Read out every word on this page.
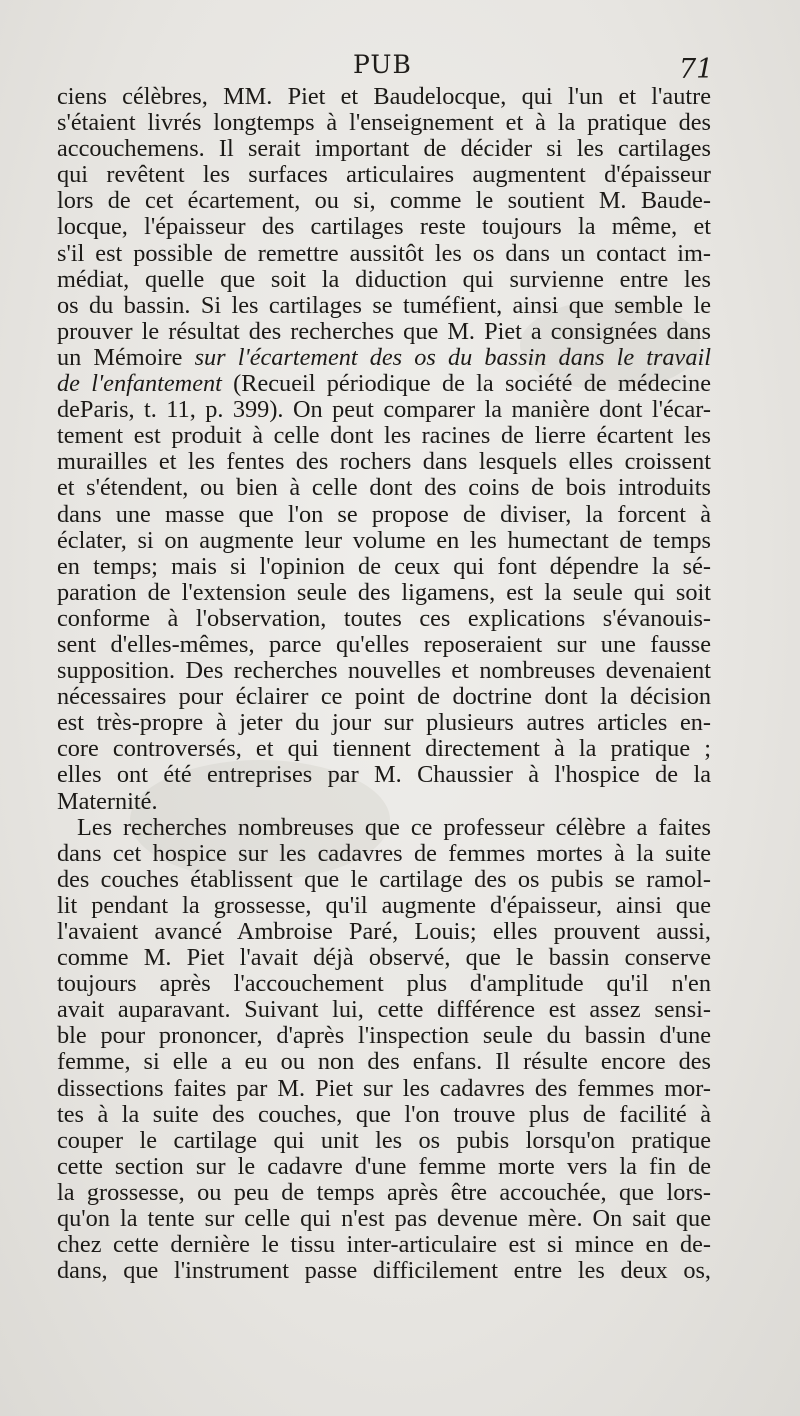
PUB	71

ciens célèbres, MM. Piet et Baudelocque, qui l'un et l'autre
s'étaient livrés longtemps à l'enseignement et à la pratique des
accouchemens. Il serait important de décider si les cartilages
qui revêtent les surfaces articulaires augmentent d'épaisseur
lors de cet écartement, ou si, comme le soutient M. Baude-
locque, l'épaisseur des cartilages reste toujours la même, et
s'il est possible de remettre aussitôt les os dans un contact im-
médiat, quelle que soit la diduction qui survienne entre les
os du bassin. Si les cartilages se tuméfient, ainsi que semble le
prouver le résultat des recherches que M. Piet a consignées dans
un Mémoire sur l'écartement des os du bassin dans le travail
de l'enfantement (Recueil périodique de la société de médecine
deParis, t. 11, p. 399). On peut comparer la manière dont l'écar-
tement est produit à celle dont les racines de lierre écartent les
murailles et les fentes des rochers dans lesquels elles croissent
et s'étendent, ou bien à celle dont des coins de bois introduits
dans une masse que l'on se propose de diviser, la forcent à
éclater, si on augmente leur volume en les humectant de temps
en temps; mais si l'opinion de ceux qui font dépendre la sé-
paration de l'extension seule des ligamens, est la seule qui soit
conforme à l'observation, toutes ces explications s'évanouis-
sent d'elles-mêmes, parce qu'elles reposeraient sur une fausse
supposition. Des recherches nouvelles et nombreuses devenaient
nécessaires pour éclairer ce point de doctrine dont la décision
est très-propre à jeter du jour sur plusieurs autres articles en-
core controversés, et qui tiennent directement à la pratique ;
elles ont été entreprises par M. Chaussier à l'hospice de la
Maternité.

Les recherches nombreuses que ce professeur célèbre a faites
dans cet hospice sur les cadavres de femmes mortes à la suite
des couches établissent que le cartilage des os pubis se ramol-
lit pendant la grossesse, qu'il augmente d'épaisseur, ainsi que
l'avaient avancé Ambroise Paré, Louis; elles prouvent aussi,
comme M. Piet l'avait déjà observé, que le bassin conserve
toujours après l'accouchement plus d'amplitude qu'il n'en
avait auparavant. Suivant lui, cette différence est assez sensi-
ble pour prononcer, d'après l'inspection seule du bassin d'une
femme, si elle a eu ou non des enfans. Il résulte encore des
dissections faites par M. Piet sur les cadavres des femmes mor-
tes à la suite des couches, que l'on trouve plus de facilité à
couper le cartilage qui unit les os pubis lorsqu'on pratique
cette section sur le cadavre d'une femme morte vers la fin de
la grossesse, ou peu de temps après être accouchée, que lors-
qu'on la tente sur celle qui n'est pas devenue mère. On sait que
chez cette dernière le tissu inter-articulaire est si mince en de-
dans, que l'instrument passe difficilement entre les deux os,
